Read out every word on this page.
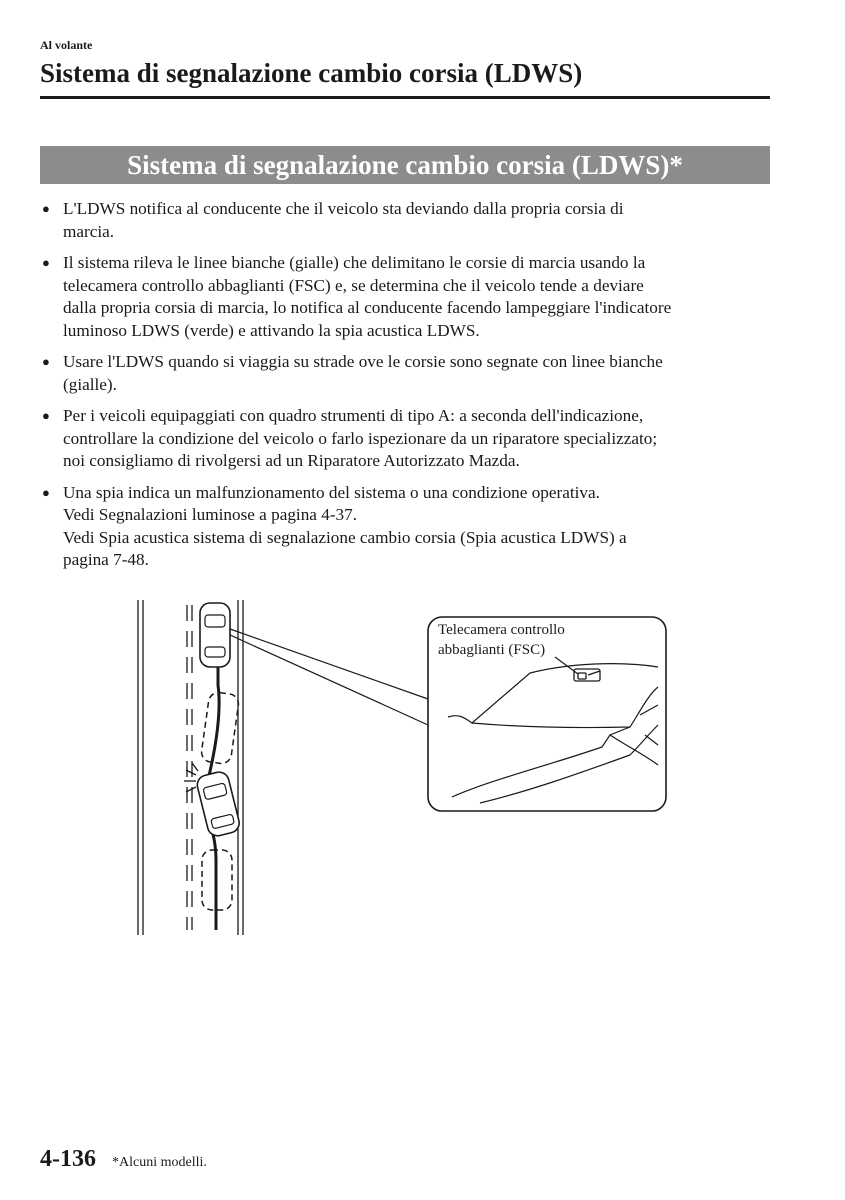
Al volante
Sistema di segnalazione cambio corsia (LDWS)
Sistema di segnalazione cambio corsia (LDWS)*
● L'LDWS notifica al conducente che il veicolo sta deviando dalla propria corsia di
marcia.
● Il sistema rileva le linee bianche (gialle) che delimitano le corsie di marcia usando la
telecamera controllo abbaglianti (FSC) e, se determina che il veicolo tende a deviare
dalla propria corsia di marcia, lo notifica al conducente facendo lampeggiare l'indicatore
luminoso LDWS (verde) e attivando la spia acustica LDWS.
● Usare l'LDWS quando si viaggia su strade ove le corsie sono segnate con linee bianche
(gialle).
● Per i veicoli equipaggiati con quadro strumenti di tipo A: a seconda dell'indicazione,
controllare la condizione del veicolo o farlo ispezionare da un riparatore specializzato;
noi consigliamo di rivolgersi ad un Riparatore Autorizzato Mazda.
● Una spia indica un malfunzionamento del sistema o una condizione operativa.
Vedi Segnalazioni luminose a pagina 4-37.
Vedi Spia acustica sistema di segnalazione cambio corsia (Spia acustica LDWS) a
pagina 7-48.
Telecamera controllo
abbaglianti (FSC)
4-136 *Alcuni modelli.
